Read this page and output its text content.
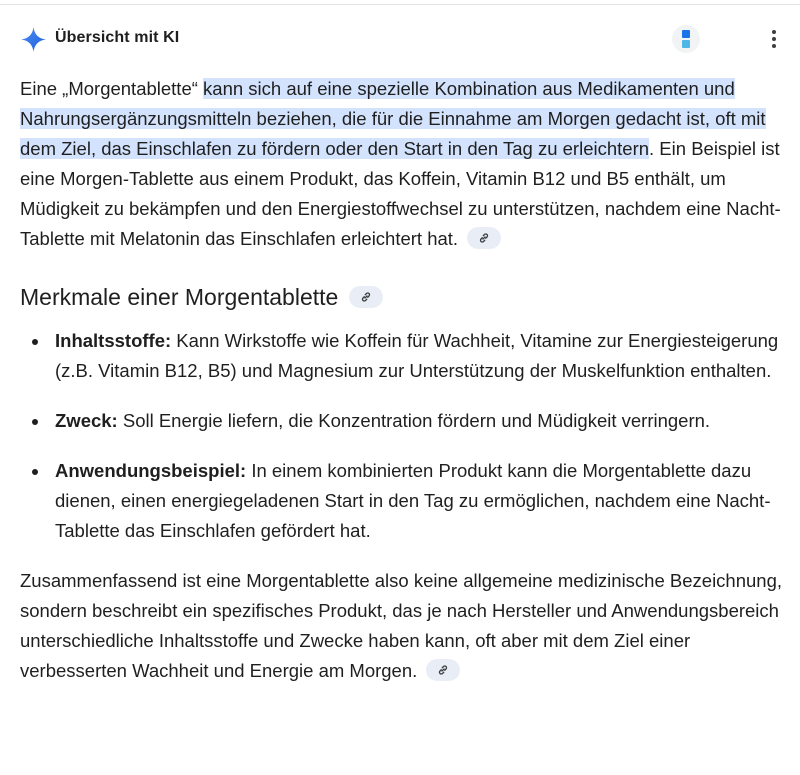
Übersicht mit KI

Eine „Morgentablette“ kann sich auf eine spezielle Kombination aus Medikamenten und Nahrungsergänzungsmitteln beziehen, die für die Einnahme am Morgen gedacht ist, oft mit dem Ziel, das Einschlafen zu fördern oder den Start in den Tag zu erleichtern. Ein Beispiel ist eine Morgen-Tablette aus einem Produkt, das Koffein, Vitamin B12 und B5 enthält, um Müdigkeit zu bekämpfen und den Energiestoffwechsel zu unterstützen, nachdem eine Nacht-Tablette mit Melatonin das Einschlafen erleichtert hat.

Merkmale einer Morgentablette
Inhaltsstoffe: Kann Wirkstoffe wie Koffein für Wachheit, Vitamine zur Energiesteigerung (z.B. Vitamin B12, B5) und Magnesium zur Unterstützung der Muskelfunktion enthalten.
Zweck: Soll Energie liefern, die Konzentration fördern und Müdigkeit verringern.
Anwendungsbeispiel: In einem kombinierten Produkt kann die Morgentablette dazu dienen, einen energiegeladenen Start in den Tag zu ermöglichen, nachdem eine Nacht-Tablette das Einschlafen gefördert hat.

Zusammenfassend ist eine Morgentablette also keine allgemeine medizinische Bezeichnung, sondern beschreibt ein spezifisches Produkt, das je nach Hersteller und Anwendungsbereich unterschiedliche Inhaltsstoffe und Zwecke haben kann, oft aber mit dem Ziel einer verbesserten Wachheit und Energie am Morgen.
